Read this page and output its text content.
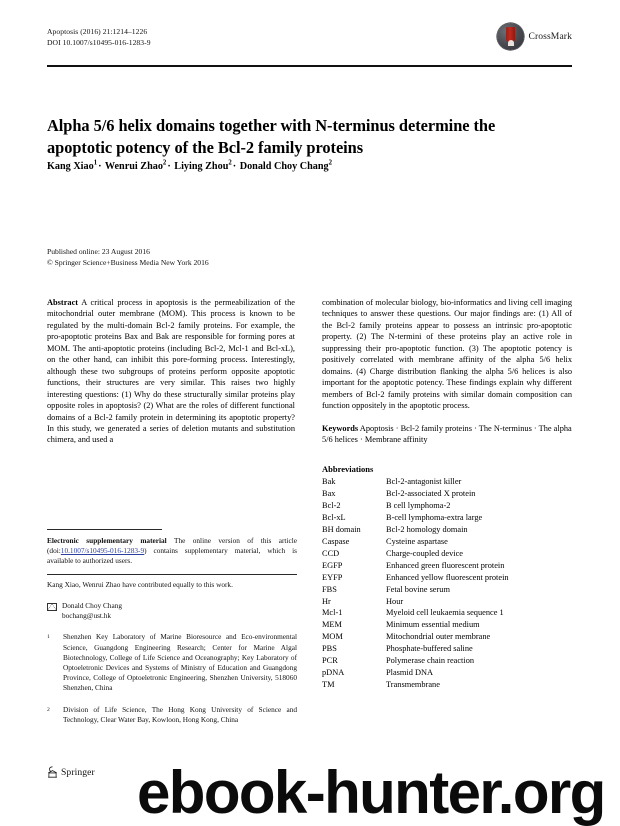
Apoptosis (2016) 21:1214–1226
DOI 10.1007/s10495-016-1283-9
CrossMark
Alpha 5/6 helix domains together with N-terminus determine the apoptotic potency of the Bcl-2 family proteins
Kang Xiao$^1$· Wenrui Zhao$^2$· Liying Zhou$^2$· Donald Choy Chang$^2$
Published online: 23 August 2016
© Springer Science+Business Media New York 2016

Abstract A critical process in apoptosis is the permeabilization of the mitochondrial outer membrane (MOM). This process is known to be regulated by the multi-domain Bcl-2 family proteins. For example, the pro-apoptotic proteins Bax and Bak are responsible for forming pores at MOM. The anti-apoptotic proteins (including Bcl-2, Mcl-1 and Bcl-xL), on the other hand, can inhibit this pore-forming process. Interestingly, although these two subgroups of proteins perform opposite apoptotic functions, their structures are very similar. This raises two highly interesting questions: (1) Why do these structurally similar proteins play opposite roles in apoptosis? (2) What are the roles of different functional domains of a Bcl-2 family protein in determining its apoptotic property? In this study, we generated a series of deletion mutants and substitution chimera, and used a

combination of molecular biology, bio-informatics and living cell imaging techniques to answer these questions. Our major findings are: (1) All of the Bcl-2 family proteins appear to possess an intrinsic pro-apoptotic property. (2) The N-termini of these proteins play an active role in suppressing their pro-apoptotic function. (3) The apoptotic potency is positively correlated with membrane affinity of the alpha 5/6 helix domains. (4) Charge distribution flanking the alpha 5/6 helices is also important for the apoptotic potency. These findings explain why different members of Bcl-2 family proteins with similar domain composition can function oppositely in the apoptotic process.

Keywords Apoptosis · Bcl-2 family proteins · The N-terminus · The alpha 5/6 helices · Membrane affinity
Abbreviations
Bak	Bcl-2-antagonist killer
Bax	Bcl-2-associated X protein
Bcl-2	B cell lymphoma-2
Bcl-xL	B-cell lymphoma-extra large
BH domain	Bcl-2 homology domain
Caspase	Cysteine aspartase
CCD	Charge-coupled device
EGFP	Enhanced green fluorescent protein
EYFP	Enhanced yellow fluorescent protein
FBS	Fetal bovine serum
Hr	Hour
Mcl-1	Myeloid cell leukaemia sequence 1
MEM	Minimum essential medium
MOM	Mitochondrial outer membrane
PBS	Phosphate-buffered saline
PCR	Polymerase chain reaction
pDNA	Plasmid DNA
TM	Transmembrane
Electronic supplementary material The online version of this article (doi:10.1007/s10495-016-1283-9) contains supplementary material, which is available to authorized users.
Kang Xiao, Wenrui Zhao have contributed equally to this work.
Donald Choy Chang
bochang@ust.hk
1	Shenzhen Key Laboratory of Marine Bioresource and Eco-environmental Science, Guangdong Engineering Research; Center for Marine Algal Biotechnology, College of Life Science and Oceanography; Key Laboratory of Optoeletronic Devices and Systems of Ministry of Education and Guangdong Province, College of Optoeletronic Engineering, Shenzhen University, 518060 Shenzhen, China
2	Division of Life Science, The Hong Kong University of Science and Technology, Clear Water Bay, Kowloon, Hong Kong, China
Springer ebook-hunter.org
